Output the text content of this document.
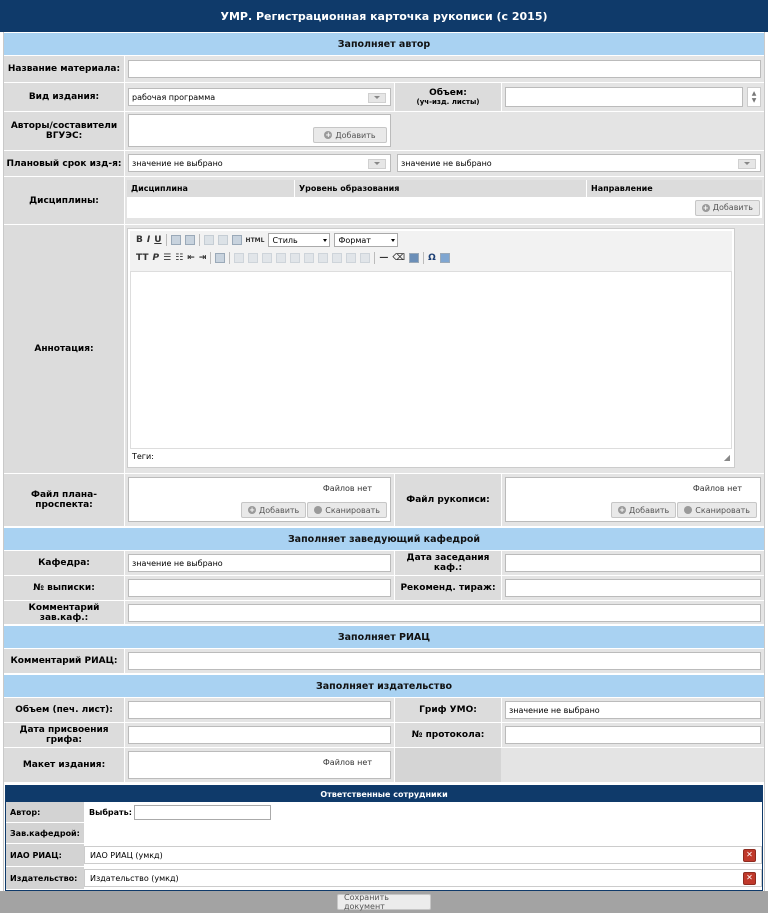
УМР. Регистрационная карточка рукописи (с 2015)
Заполняет автор
Название материала:
Вид издания:	рабочая программа	Объем:
(уч-изд. листы)
▲
▼
Авторы/составители ВГУЭС:	+ Добавить
Плановый срок изд-я:	значение не выбрано	значение не выбрано
Дисциплины:
Дисциплина	Уровень образования	Направление
+ Добавить
Аннотация:
B I U	HTML	Стиль	Формат
TT P ☰ ☷ ⇤ ⇥	— ⌫	Ω
Теги:	◢
Файл плана-проспекта:
Файлов нет
+ Добавить	Сканировать
Файл рукописи:
Файлов нет
+ Добавить	Сканировать
Заполняет заведующий кафедрой
Кафедра:	значение не выбрано	Дата заседания каф.:
№ выписки:	Рекоменд. тираж:
Комментарий зав.каф.:
Заполняет РИАЦ
Комментарий РИАЦ:
Заполняет издательство
Объем (печ. лист):	Гриф УМО:	значение не выбрано
Дата присвоения грифа:	№ протокола:
Макет издания:	Файлов нет
Ответственные сотрудники
Автор:	Выбрать:
Зав.кафедрой:
ИАО РИАЦ:	ИАО РИАЦ (умкд)	✕
Издательство:	Издательство (умкд)	✕
Сохранить документ
